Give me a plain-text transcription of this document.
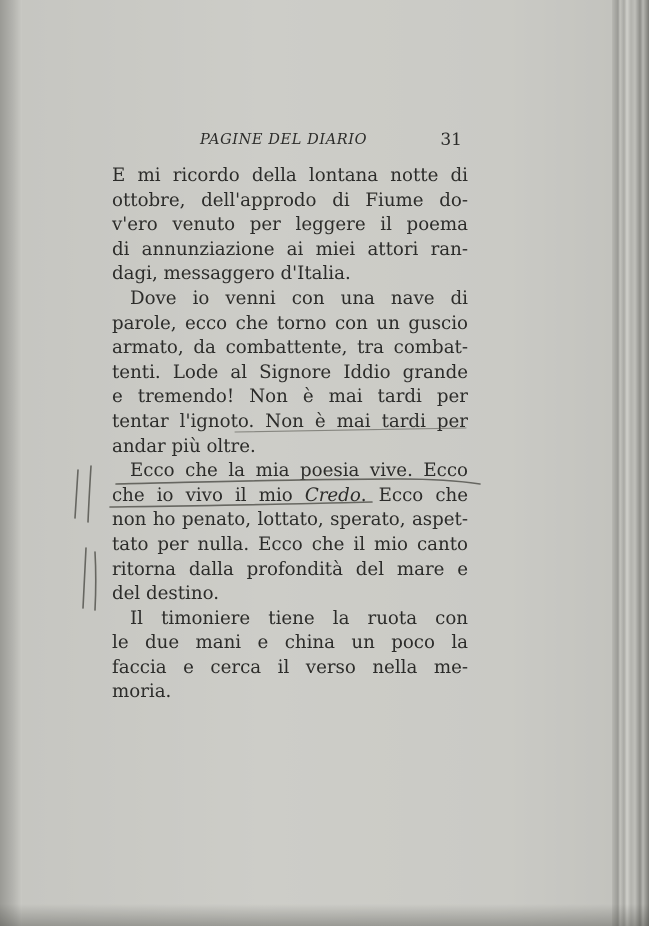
PAGINE DEL DIARIO	31
E mi ricordo della lontana notte di
ottobre, dell'approdo di Fiume do-
v'ero venuto per leggere il poema
di annunziazione ai miei attori ran-
dagi, messaggero d'Italia.
Dove io venni con una nave di
parole, ecco che torno con un guscio
armato, da combattente, tra combat-
tenti. Lode al Signore Iddio grande
e tremendo! Non è mai tardi per
tentar l'ignoto. Non è mai tardi per
andar più oltre.
Ecco che la mia poesia vive. Ecco
che io vivo il mio Credo. Ecco che
non ho penato, lottato, sperato, aspet-
tato per nulla. Ecco che il mio canto
ritorna dalla profondità del mare e
del destino.
Il timoniere tiene la ruota con
le due mani e china un poco la
faccia e cerca il verso nella me-
moria.
